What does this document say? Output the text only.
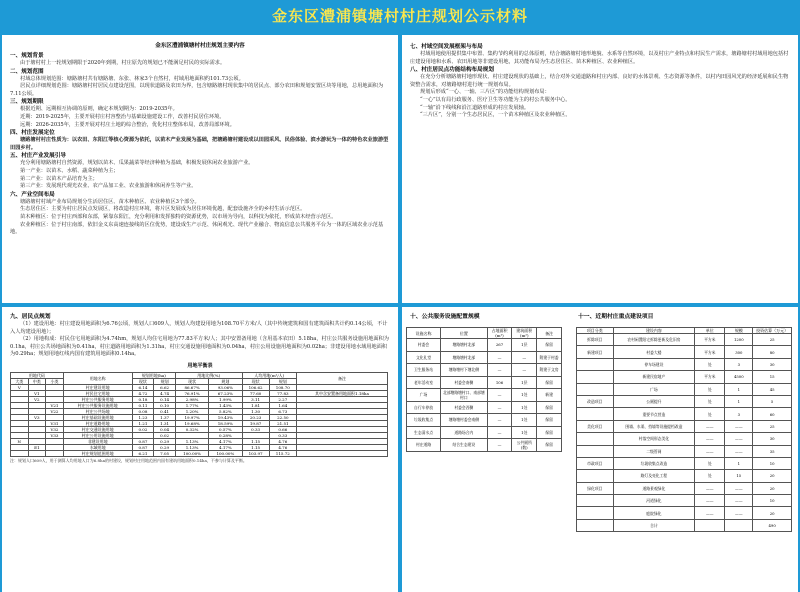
金东区澧浦镇塘村村庄规划公示材料
金东区澧浦镇塘村村庄规划主要内容
一、规划背景
由于塘村村上一轮规划期限于2020年到期，村庄原先的规划已不能满足村民的实际需求。
二、规划范围
村域总体规划范围：塘路塘村共有塘路塘、东张、林家3个自然村，村域用地面积约101.73公顷。
居民点详细规划范围：塘路塘村村居民点建设范围，以现状道路及农田为界，包含塘路塘村现状集中的居民点、部分农田和规划安置区块等用地，总用地面积为7.11公顷。
三、规划期限
根据近期、远期相互协调的原则，确定本规划期为：2019-2035年。
近期：2019-2025年，主要开展村庄村容整治与基础设施建设工作，改善村民居住环境。
远期：2026-2035年，主要开展对村庄土地的综合整治，优化村庄整体布局，改善局部环境。
四、村庄发展定位
塘路塘村村庄性质为：以农田、东阳江等核心资源为依托，以苗木产业发展为基础，把塘路塘村建设成以田园采风、民俗体验、滨水游玩为一体的特色农业旅游型田园乡村。
五、村庄产业发展引导
充分利用塘路塘村自然资源，规划以苗木、瓜果蔬菜等经济种植为基础，积极发展休闲农业旅游产业。
第一产业：以苗木、水稻、蔬菜种植为主；
第二产业：以苗木产品培育为主；
第三产业：发展现代观光农业、农产品加工业、农业旅游和休闲养生等产业。
六、产业空间布局
塘路塘村村域产业布局规划分生活居住区、苗木种植区、农业种植区3个部分。
生态居住区：主要为村庄居民点发展区，将改造村庄环境，将片区发展成为居住环境优越，配套设施齐全的乡村生活示范区。
苗木种植区：位于村庄西部和东部，紧靠东阳江，充分利用和发挥独特的资源优势，以市场为导向，以科技为依托，形成苗木经营示范区。
农业种植区：位于村庄南部，依旧金义东高速连接线的区位优势，建设成生产示范、休闲观光、现代产业融合、物流信息公共服务平台为一体的区域农业示范基地。
七、村域空间发展框架与布局
村域用地使用提供集中布置、集约节约利用的总体原则，结合塘路塘村地形地貌、水系等自然环境，以及村庄产业特点和村民生产需求，塘路塘村村域用地包括村庄建设用地和水系、农田用地等非建设用地，其功能布局为生态居住区、苗木种植区、农业种植区。
八、村庄居民点功能结构布局规划
在充分分析塘路塘村地形现状、村庄建设现状的基础上，结合对外交通道路和村庄内部、良好的水体景观、生态资源等条件，以村内田园风光的经济延展和民生物资整合需求，对塘路塘村进行统一规划布局。
规划后形成“一心、一轴、三片区”的功能结构规划布局：
“一心”以有局行政服务、医疗卫生等功能为主的村公共服务中心。
“一轴”沿下线线和沿江道路形成的村庄发展轴。
“三片区”，分别一个生态居民区，一个苗木种植区及农业种植区。
九、居民点规划
（1）建设用地：村庄建设用地面积为6.76公顷，规划人口609人，规划人均建设用地为108.70平方米/人（其中传统建筑和国有建筑面积共计约0.14公顷，不计入人均建设用地）；
（2）用地构成：村民住宅用地面积为4.74hm，规划人均住宅用地为77.83平方米/人；其中安置备用地（含用基本农田）5.18ha，村庄公共服务设施用地面积为0.1ha，村庄公共场地面积为0.41ha，村庄道路用地面积为1.31ha，村庄交通设施用地面积为0.04ha，村庄公用设施用地面积为0.02ha；非建设用地水域用地面积为0.29ha；规划用地红线内国有建筑用地面积0.14ha。
用地平衡表
用地代码			用地名称	规划用地(ha)		用地比例(%)		人均用地(m²/人)		备注
大类	中类	小类		现状	规划	现状	规划	现状	规划	
V			村庄建设用地	6.14	6.62	86.67%	93.06%	106.62	108.70	
	V1		村民住宅用地	4.72	4.74	76.91%	67.23%	77.60	77.83	其中含安置备用地面积1.18ha
	V2		村庄公共服务用地	0.18	0.14	2.98%	1.99%	3.11	2.27	
		V21	村庄公共服务设施用地	0.11	0.10	1.77%	1.43%	1.81	1.64	
		V22	村庄公共场地	0.08	0.41	1.20%	5.82%	1.30	6.73	
	V3		村庄基础设施用地	1.23	1.37	19.97%	19.43%	20.23	22.50	
		V31	村庄道路用地	1.21	1.31	19.68%	18.59%	19.87	21.51	
		V32	村庄交通设施用地	0.02	0.04	0.32%	0.57%	0.33	0.66	
		V33	村庄公用设施用地		0.02		0.28%		0.33	
N			非建设用地	0.87	0.29	1.13%	4.17%	1.15	4.76	
	E1		水域用地	0.87	0.29	1.13%	4.17%	1.15	4.76	
			村庄规划范围用地	6.21	7.05	100.00%	100.00%	103.97	115.72	
注：规划人口609人，用于测算人均用地人口为6.8ha的村建设，规划村庄用地范围内国有建筑用地面积0.14ha，不参与计算及平衡。
十、公共服务设施配置规模	十一、近期村庄重点建设项目
设施名称	位置	占地面积(m²)	建筑面积(m²)	备注
村委会	塘路塘村北部	267	1层	保留
文化礼堂	塘路塘村北部	—	—	附建于村委
卫生服务站	塘路塘村下塘北侧	—	—	附建于文房
老年活动室	村委会南侧	106	1层	保留
广场	北部塘路塘村口、南部塘村口	—	1处	新建
自行车停放	村委会西侧	—	1处	保留
垃圾收集点	塘路塘村委会南侧	—	1处	保留
生态清水点	道路场合内	—	1处	保留
村庄道路	结合生态建设	—	公共厕所(数)	保留
项目分类	建设内容	单位	规模	投资估算（万元）
拆除项目	农村闲置阳宅拆除更新及危旧房	平方米	1200	25
新建项目	村委大楼	平方米	300	80
	停车场建设	处	3	30
	新建民宿地产	平方米	4500	15
	广场	处	1	45
改造项目	公厕提升	处	1	5
	重要节点营造	处	3	60
美化项目	围墙、水渠、挡墙等设施提档改造	——	——	25
	村落空间形态美化	——	——	30
	二级管网	——	——	35
市政项目	垃圾收集点改造	处	1	10
	路灯及亮化工程	处	15	20
绿化项目	道路景观绿化	——	——	20
	河道绿化	——	——	10
	庭院绿化	——	——	20
	合计			490
